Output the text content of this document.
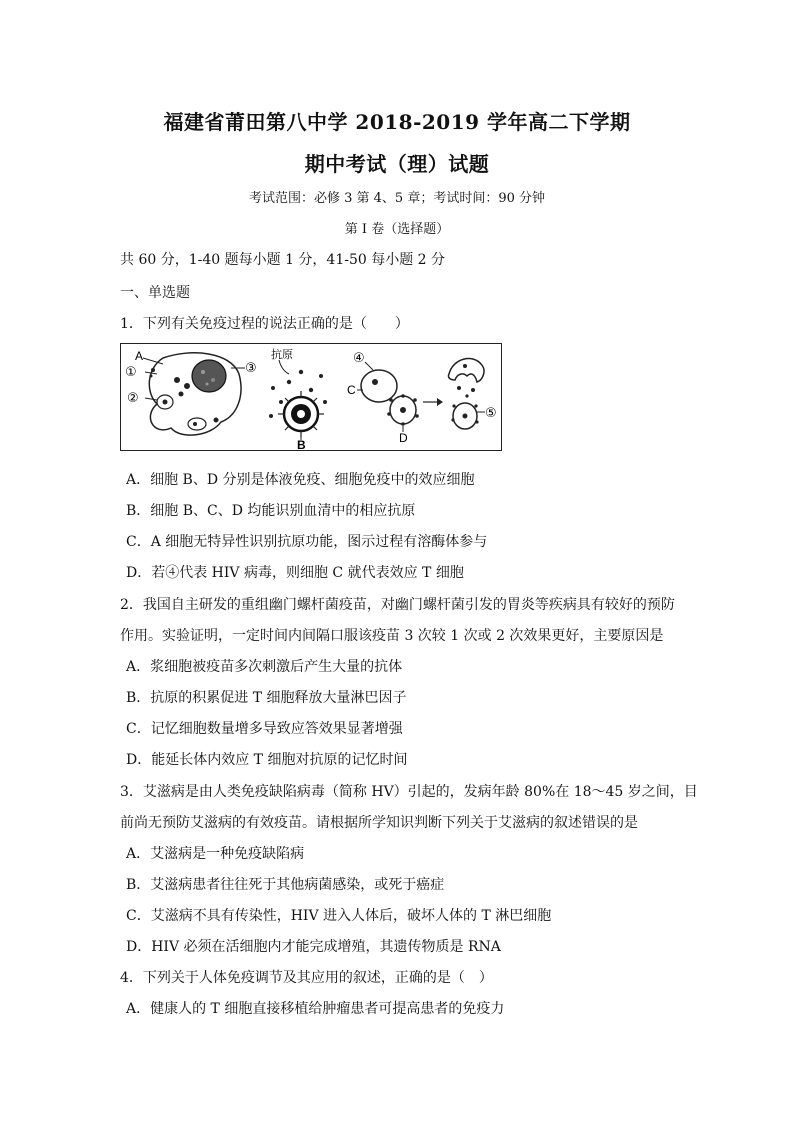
福建省莆田第八中学 2018-2019 学年高二下学期
期中考试（理）试题
考试范围：必修 3 第 4、5 章；考试时间：90 分钟
第 I 卷（选择题）
共 60 分，1-40 题每小题 1 分，41-50 每小题 2 分
一、单选题
1．下列有关免疫过程的说法正确的是（　　）
A
①
②
③
抗原
B
④
C
D
⑤
A．细胞 B、D 分别是体液免疫、细胞免疫中的效应细胞
B．细胞 B、C、D 均能识别血清中的相应抗原
C．A 细胞无特异性识别抗原功能，图示过程有溶酶体参与
D．若④代表 HIV 病毒，则细胞 C 就代表效应 T 细胞
2．我国自主研发的重组幽门螺杆菌疫苗，对幽门螺杆菌引发的胃炎等疾病具有较好的预防
作用。实验证明，一定时间内间隔口服该疫苗 3 次较 1 次或 2 次效果更好，主要原因是
A．浆细胞被疫苗多次刺激后产生大量的抗体
B．抗原的积累促进 T 细胞释放大量淋巴因子
C．记忆细胞数量增多导致应答效果显著增强
D．能延长体内效应 T 细胞对抗原的记忆时间
3．艾滋病是由人类免疫缺陷病毒（简称 HV）引起的，发病年龄 80%在 18～45 岁之间，目
前尚无预防艾滋病的有效疫苗。请根据所学知识判断下列关于艾滋病的叙述错误的是
A．艾滋病是一种免疫缺陷病
B．艾滋病患者往往死于其他病菌感染，或死于癌症
C．艾滋病不具有传染性，HIV 进入人体后，破坏人体的 T 淋巴细胞
D．HIV 必须在活细胞内才能完成增殖，其遗传物质是 RNA
4．下列关于人体免疫调节及其应用的叙述，正确的是（　）
A．健康人的 T 细胞直接移植给肿瘤患者可提高患者的免疫力
